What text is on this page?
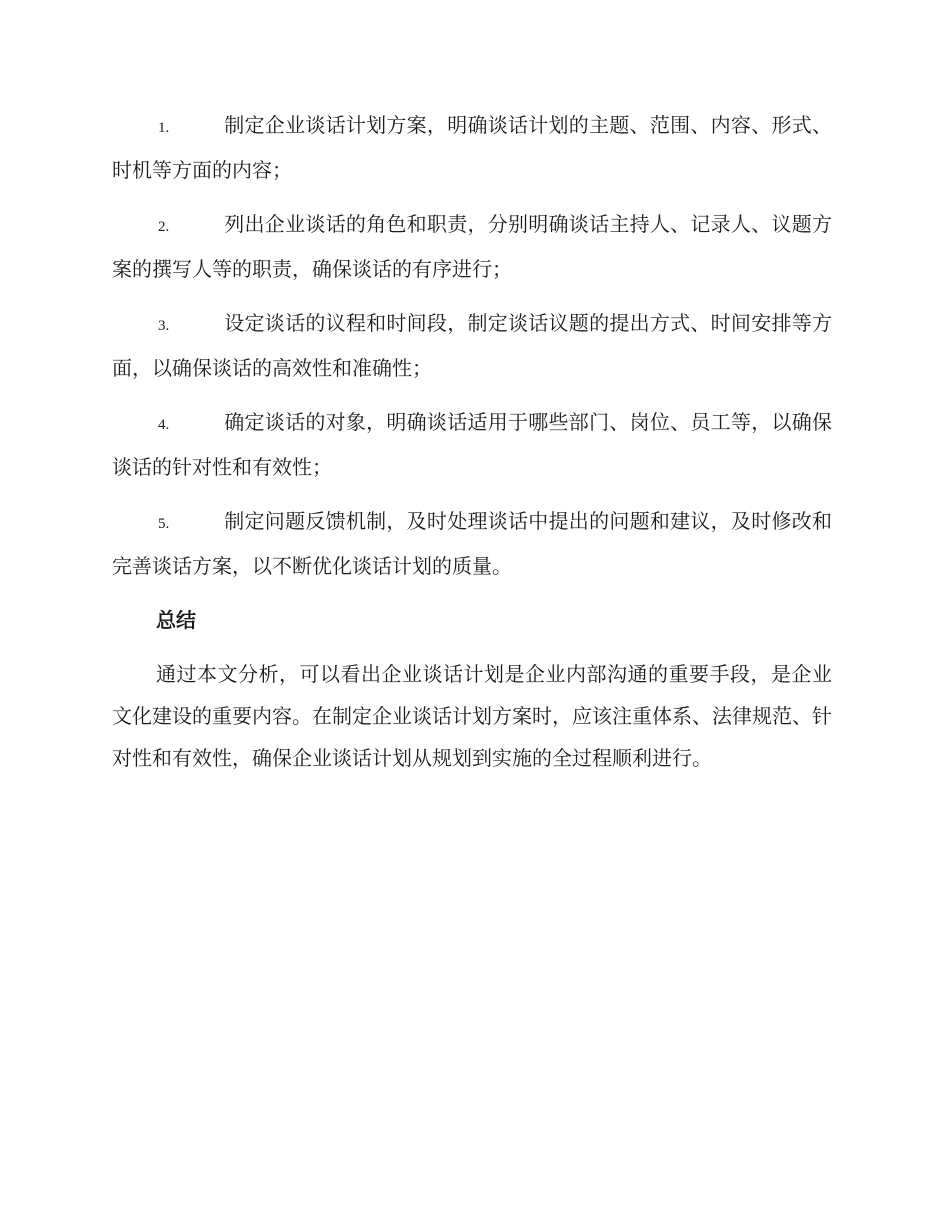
1.	制定企业谈话计划方案，明确谈话计划的主题、范围、内容、形式、时机等方面的内容；
2.	列出企业谈话的角色和职责，分别明确谈话主持人、记录人、议题方案的撰写人等的职责，确保谈话的有序进行；
3.	设定谈话的议程和时间段，制定谈话议题的提出方式、时间安排等方面，以确保谈话的高效性和准确性；
4.	确定谈话的对象，明确谈话适用于哪些部门、岗位、员工等，以确保谈话的针对性和有效性；
5.	制定问题反馈机制，及时处理谈话中提出的问题和建议，及时修改和完善谈话方案，以不断优化谈话计划的质量。
总结

通过本文分析，可以看出企业谈话计划是企业内部沟通的重要手段，是企业文化建设的重要内容。在制定企业谈话计划方案时，应该注重体系、法律规范、针对性和有效性，确保企业谈话计划从规划到实施的全过程顺利进行。
